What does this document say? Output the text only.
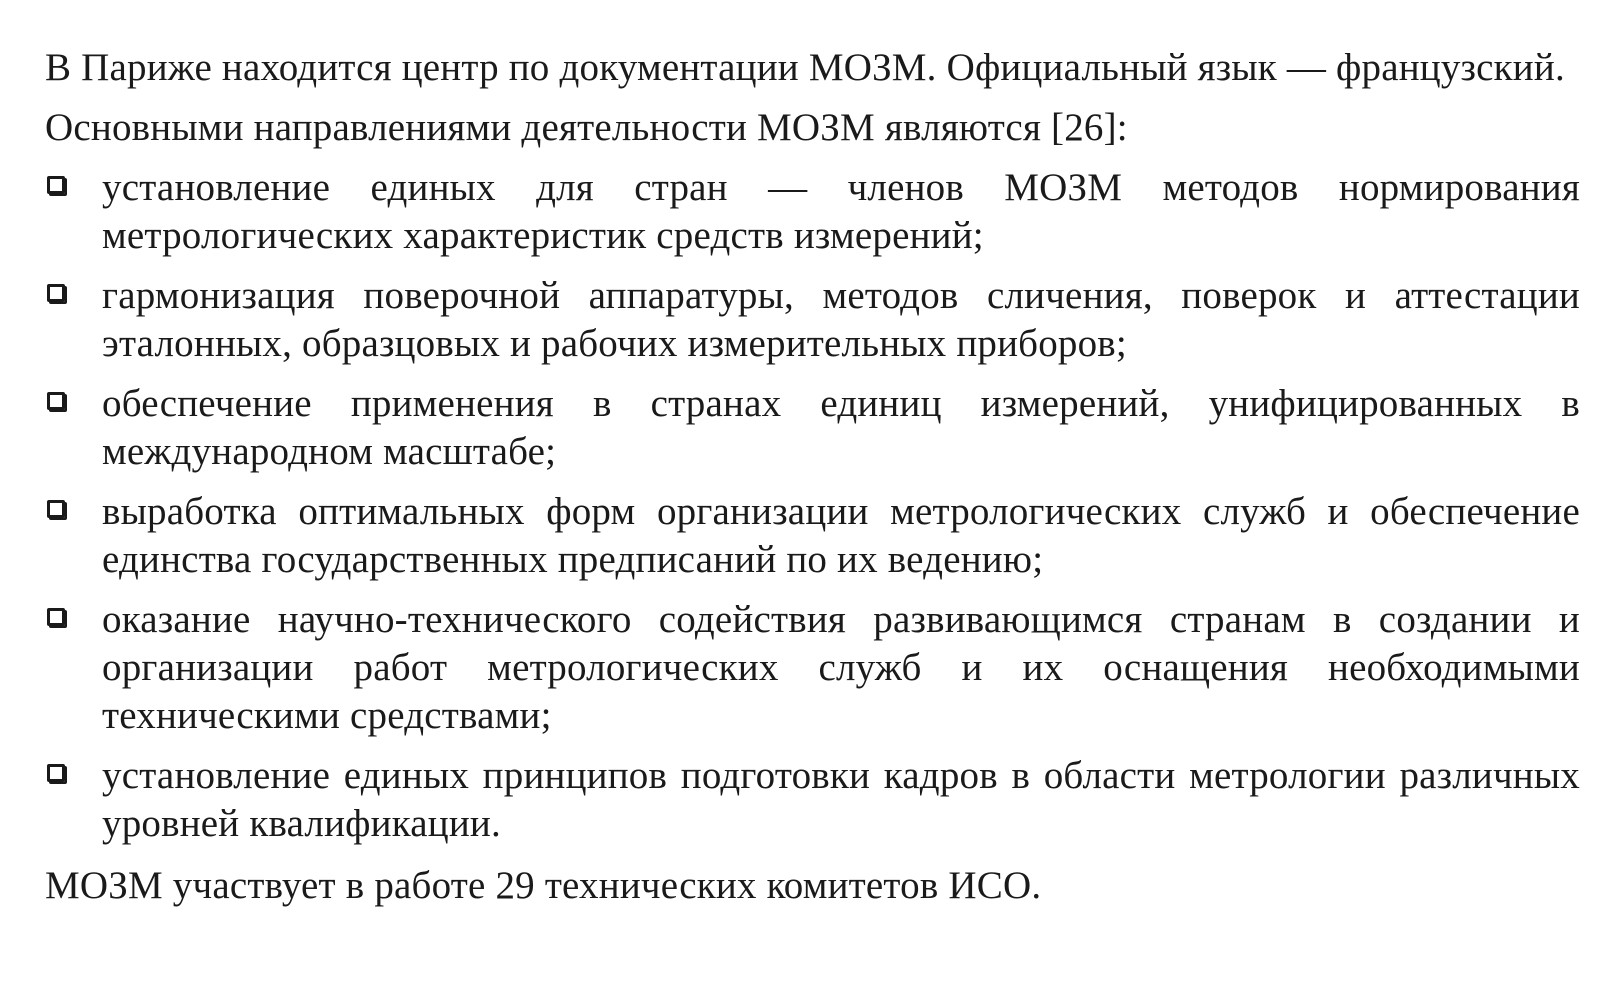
В Париже находится центр по документации МОЗМ. Официальный язык — французский.

Основными направлениями деятельности МОЗМ являются [26]:

установление единых для стран — членов МОЗМ методов нормирования метрологических характеристик средств измерений;
гармонизация поверочной аппаратуры, методов сличения, поверок и аттестации эталонных, образцовых и рабочих измерительных приборов;
обеспечение применения в странах единиц измерений, унифицированных в международном масштабе;
выработка оптимальных форм организации метрологических служб и обеспечение единства государственных предписаний по их ведению;
оказание научно-технического содействия развивающимся странам в создании и организации работ метрологических служб и их оснащения необходимыми техническими средствами;
установление единых принципов подготовки кадров в области метрологии различных уровней квалификации.

МОЗМ участвует в работе 29 технических комитетов ИСО.
